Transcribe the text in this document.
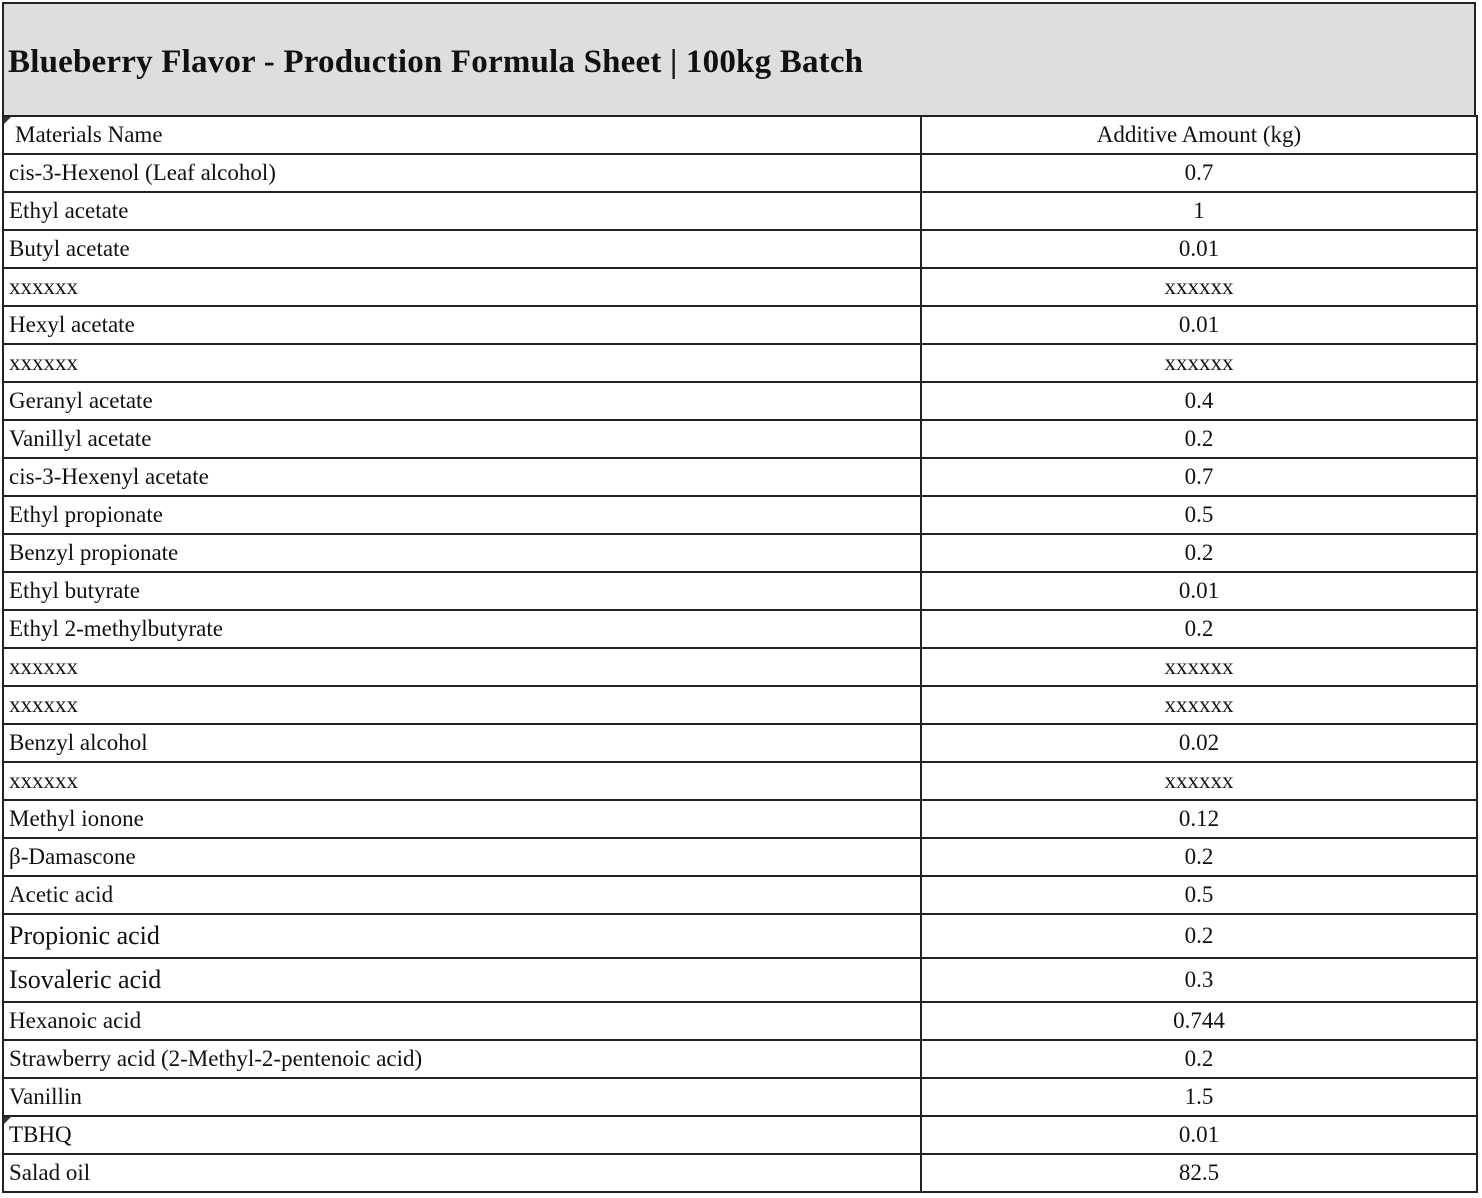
Blueberry Flavor - Production Formula Sheet | 100kg Batch
Materials Name	Additive Amount (kg)
cis-3-Hexenol (Leaf alcohol)	0.7
Ethyl acetate	1
Butyl acetate	0.01
xxxxxx	xxxxxx
Hexyl acetate	0.01
xxxxxx	xxxxxx
Geranyl acetate	0.4
Vanillyl acetate	0.2
cis-3-Hexenyl acetate	0.7
Ethyl propionate	0.5
Benzyl propionate	0.2
Ethyl butyrate	0.01
Ethyl 2-methylbutyrate	0.2
xxxxxx	xxxxxx
xxxxxx	xxxxxx
Benzyl alcohol	0.02
xxxxxx	xxxxxx
Methyl ionone	0.12
β-Damascone	0.2
Acetic acid	0.5
Propionic acid	0.2
Isovaleric acid	0.3
Hexanoic acid	0.744
Strawberry acid (2-Methyl-2-pentenoic acid)	0.2
Vanillin	1.5
TBHQ	0.01
Salad oil	82.5
